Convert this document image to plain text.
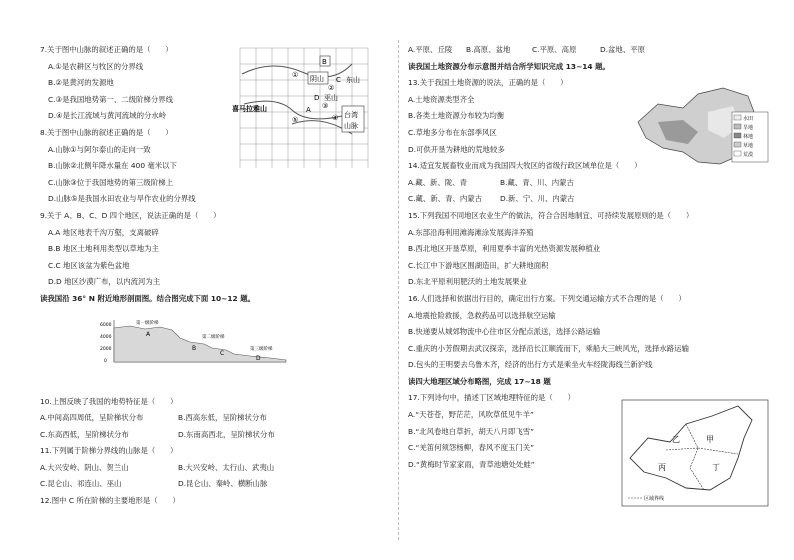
7.关于图中山脉的叙述正确的是（　　）
A.①是农耕区与牧区的分界线
B.②是黄河的发源地
C.③是我国地势第一、二级阶梯分界线
D.④是长江流域与黄河流域的分水岭
8.关于图中山脉的叙述正确的是（　　）
A.山脉①与阿尔泰山的走向一致
B.山脉②北侧年降水量在 400 毫米以下
C.山脉③位于我国地势的第三级阶梯上
D.山脉⑤是我国水田农业与旱作农业的分界线
9.关于 A、B、C、D 四个地区，说法正确的是（　　）
A.A 地区地表千沟万壑，支离破碎
B.B 地区土地利用类型以草地为主
C.C 地区该盆为紫色盆地
D.D 地区沙漠广布，以内流河为主
读我国沿 36° N 附近地形剖面图。结合图完成下面 10~12 题。
10.上图反映了我国的地势特征是（　　）
A.中间高四周低，呈阶梯状分布	B.西高东低，呈阶梯状分布
C.东高西低，呈阶梯状分布	D.东南高西北，呈阶梯状分布
11.下列属于阶梯分界线的山脉是（　　）
A.大兴安岭、阴山、贺兰山	B.大兴安岭、太行山、武夷山
C.昆仑山、祁连山、巫山	D.昆仑山、秦岭、横断山脉
12.图中 C 所在阶梯的主要地形是（　　）
B
C
阴山	东山
D 巫山
A
喜马拉雅山
台湾
山脉
①
②
③
④
⑤
6000
4000
2000
0
A
第一级阶梯
第二级阶梯
第三级阶梯
B
C
D
A.平原、丘陵	B.高原、盆地	C.平原、高原	D.盆地、平原
读我国土地资源分布示意图并结合所学知识完成 13~14 题。
13.关于我国土地资源的说法，正确的是（　　）
A.土地资源类型齐全
B.各类土地资源分布较为均衡
C.草地多分布在东部季风区
D.可供开垦为耕地的荒地较多
14.适宜发展畜牧业而成为我国四大牧区的省级行政区域单位是（　　）
A.藏、新、陇、青	B.藏、青、川、内蒙古
C.藏、新、青、内蒙古	D.新、宁、川、内蒙古
15.下列我国不同地区农业生产的做法，符合合因地制宜、可持续发展原则的是（　　）
A.东部沿海利用滩海滩涂发展海洋养殖
B.西北地区开垦草原，利用夏季丰富的光热资源发展种植业
C.长江中下游地区围湖造田，扩大耕地面积
D.东北平原利用肥沃的土地发展果业
16.人们选择和依据出行目的，确定出行方案。下列交通运输方式不合理的是（　　）
A.地震抢险救援，急救药品可以选择航空运输
B.快递要从城郊物流中心往市区分配点派送，选择公路运输
C.重庆的小芳假期去武汉探亲，选择沿长江顺流而下，乘船大三峡风光，选择水路运输
D.包头的王明要去乌鲁木齐，经济的出行方式是乘坐火车经陇海线兰新沪线
读四大地理区域分布略图，完成 17~18 题
17.下列诗句中，描述丁区域地理特征的是（　　）
A.“天苍苍，野茫茫，风吹草低见牛羊”
B.“北风卷地白草折，胡天八月即飞雪”
C.“羌笛何须怨杨柳，春风不度玉门关”
D.“黄梅时节家家雨，青草池塘处处蛙”
水田
旱地
林地
草地
荒漠
甲
乙
丙	丁
区域界线
